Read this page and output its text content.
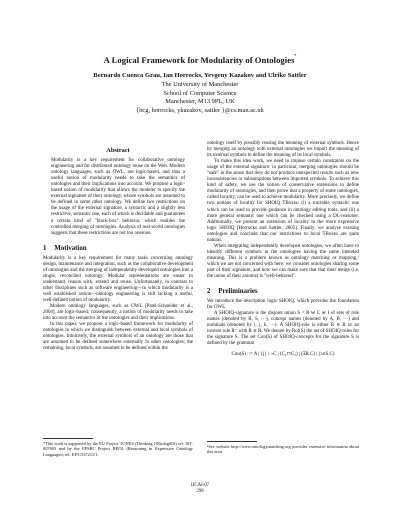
A Logical Framework for Modularity of Ontologies*
Bernardo Cuenca Grau, Ian Horrocks, Yevgeny Kazakov and Ulrike Sattler
The University of Manchester
School of Computer Science
Manchester, M13 9PL, UK
{bcg, horrocks, ykazakov, sattler }@cs.man.ac.uk
Abstract

Modularity is a key requirement for collaborative ontology engineering and for distributed ontology reuse on the Web. Modern ontology languages, such as OWL, are logic-based, and thus a useful notion of modularity needs to take the semantics of ontologies and their implications into account. We propose a logic-based notion of modularity that allows the modeler to specify the external signature of their ontology, whose symbols are assumed to be defined in some other ontology. We define two restrictions on the usage of the external signature, a syntactic and a slightly less restrictive, semantic one, each of which is decidable and guarantees a certain kind of "black-box" behavior, which enables the controlled merging of ontologies. Analysis of real-world ontologies suggests that these restrictions are not too onerous.

1 Motivation

Modularity is a key requirement for many tasks concerning ontology design, maintenance and integration, such as the collaborative development of ontologies and the merging of independently developed ontologies into a single, reconciled ontology. Modular representations are easier to understand, reason with, extend and reuse. Unfortunately, in contrast to other disciplines such as software engineering—in which modularity is a well established notion—ontology engineering is still lacking a useful, well-defined notion of modularity.

Modern ontology languages, such as OWL [Patel-Schneider et al., 2004], are logic-based; consequently, a notion of modularity needs to take into account the semantics of the ontologies and their implications.

In this paper, we propose a logic-based framework for modularity of ontologies in which we distinguish between external and local symbols of ontologies. Intuitively, the external symbols of an ontology are those that are assumed to be defined somewhere externally in other ontologies; the remaining, local symbols, are assumed to be defined within the

ontology itself by possibly reusing the meaning of external symbols. Hence by merging an ontology with external ontologies we import the meaning of its external symbols to define the meaning of its local symbols.

To make this idea work, we need to impose certain constraints on the usage of the external signature: in particular, merging ontologies should be "safe" in the sense that they do not produce unexpected results such as new inconsistencies or subsumptions between imported symbols. To achieve this kind of safety, we use the notion of conservative extensions to define modularity of ontologies, and then prove that a property of some ontologies, called locality, can be used to achieve modularity. More precisely, we define two notions of locality for SHOIQ TBoxes: (i) a tractable syntactic one which can be used to provide guidance in ontology editing tools, and (ii) a more general semantic one which can be checked using a DL-reasoner. Additionally, we present an extension of locality to the more expressive logic SHOIQ [Horrocks and Sattler, 2005]. Finally, we analyse existing ontologies and conclude that our restrictions to local TBoxes are quite natural.

When integrating independently developed ontologies, we often have to identify different symbols in the ontologies having the same intended meaning. This is a problem known as ontology matching or mapping,¹ which we are not concerned with here: we consider ontologies sharing some part of their signature, and how we can make sure that that their merge (i.e. the union of their axioms) is "well-behaved".

2 Preliminaries

We introduce the description logic SHOIQ, which provides the foundation for OWL.

A SHOIQ-signature is the disjoint union S = R ⊎ C ⊎ I of sets of role names (denoted by R, S, ···), concept names (denoted by A, B, ···) and nominals (denoted by i, j, k, ···). A SHOIQ-role is either R ∈ R or an inverse role R⁻ with R ∈ R. We denote by Rol(S) the set of SHOIQ-roles for the signature S. The set Con(S) of SHOIQ-concepts for the signature S is defined by the grammar

Con(S) ::= A | {j} | ¬C | (C₁⊓C₂) | (∃R.C) | (≥nS.C)
*This work is supported by the EU Project TONES (Thinking ONtologiES) ref: IST-007603 and by the EPSRC Project REOL (Reasoning in Expressive Ontology Languages) ref: EP/C537211/1.
¹See website http://www.ontologymatching.org provides extensive information about this area.
IJCAI-07
298
